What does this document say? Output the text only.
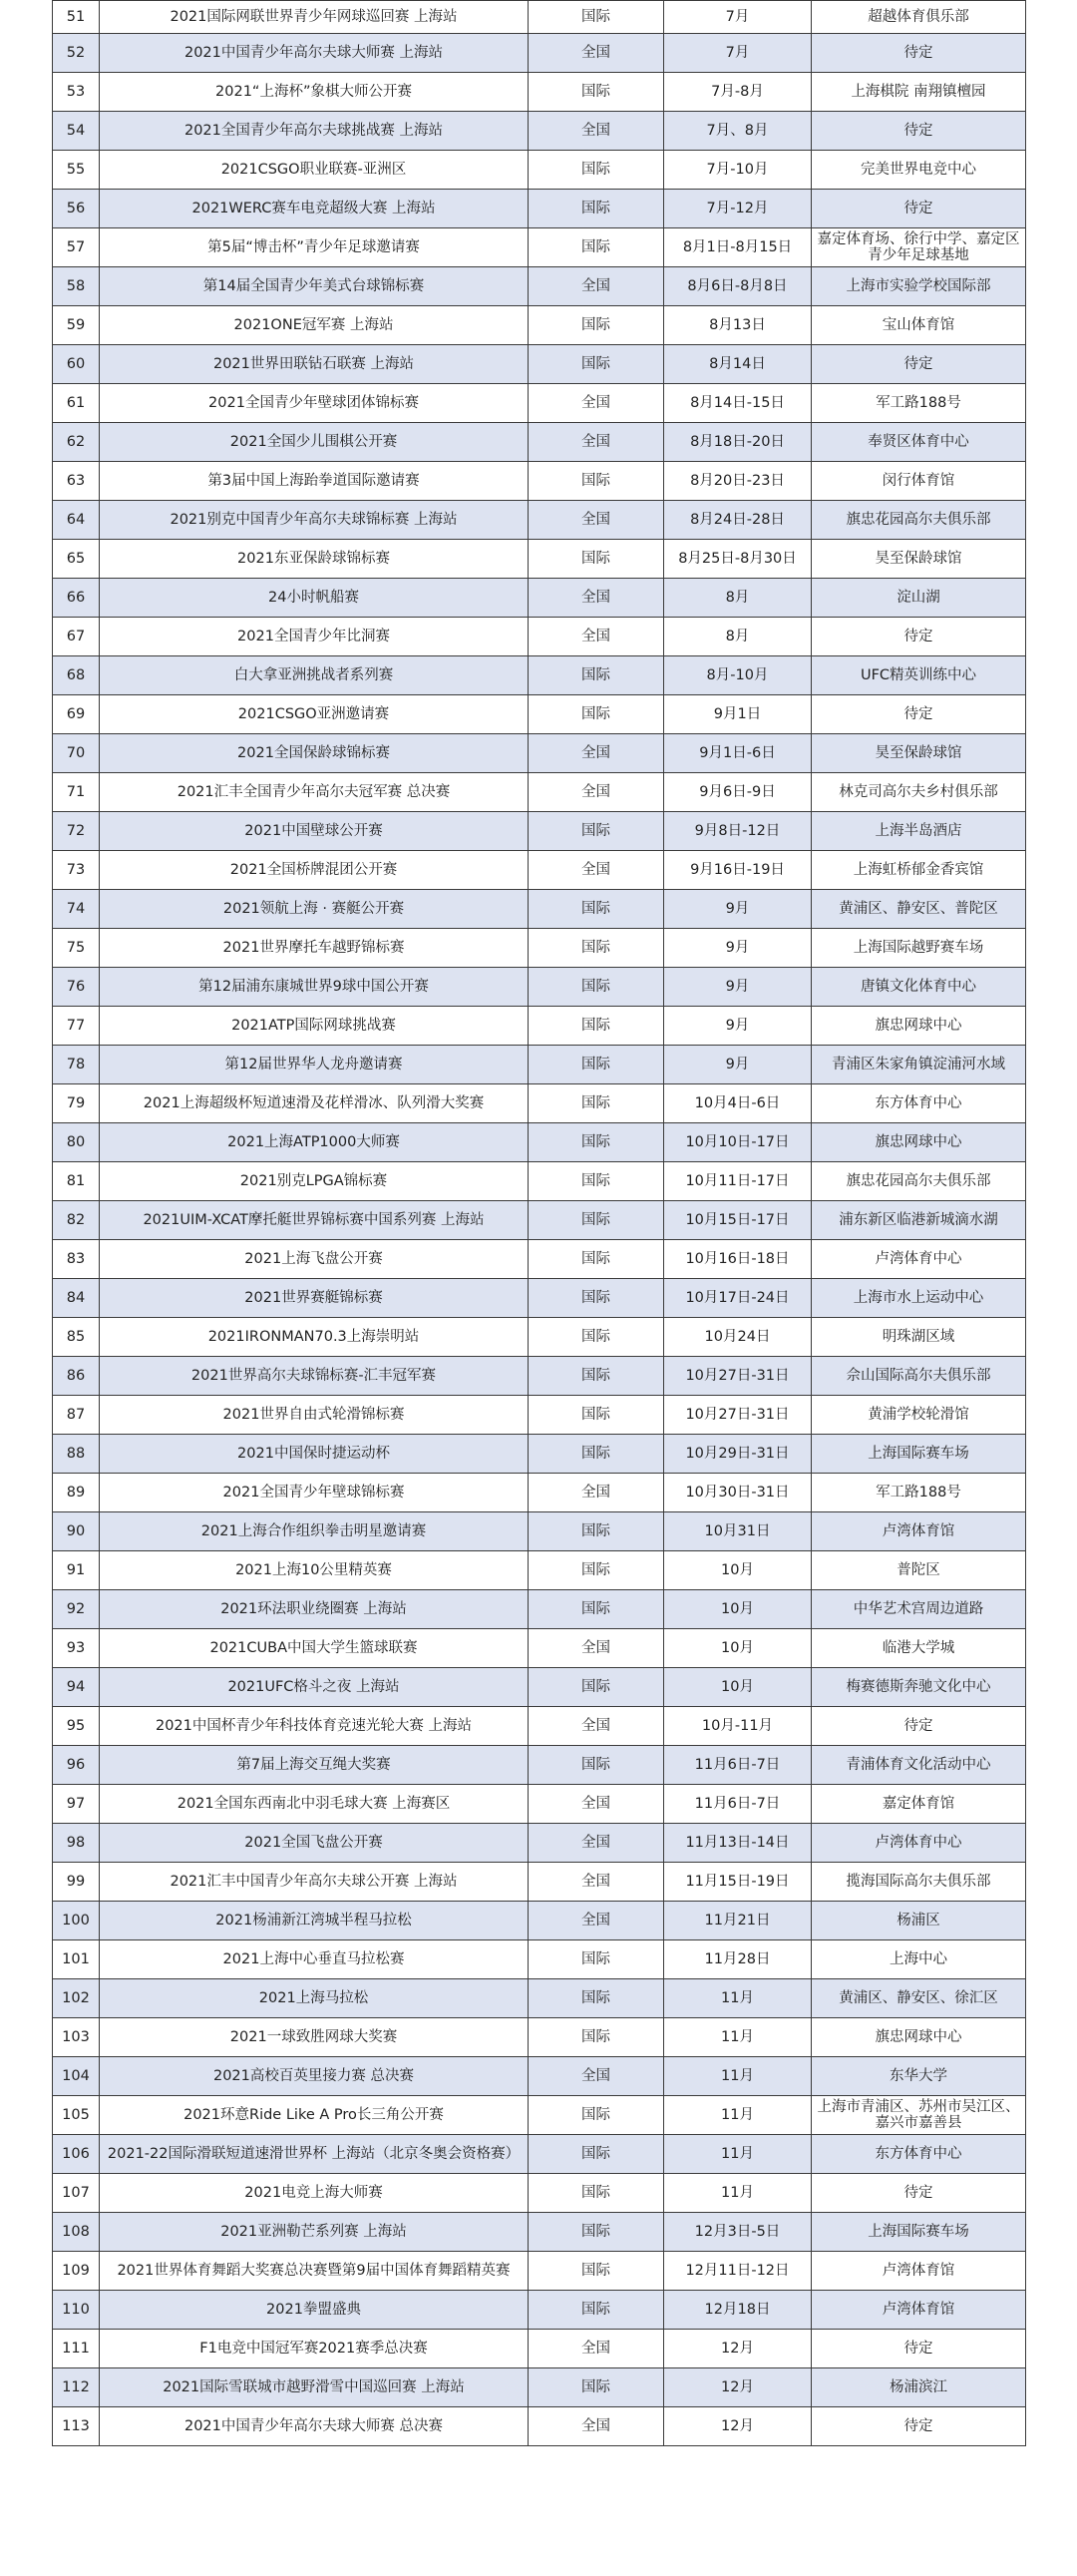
51	2021国际网联世界青少年网球巡回赛 上海站	国际	7月	超越体育俱乐部
52	2021中国青少年高尔夫球大师赛 上海站	全国	7月	待定
53	2021“上海杯”象棋大师公开赛	国际	7月-8月	上海棋院 南翔镇檀园
54	2021全国青少年高尔夫球挑战赛 上海站	全国	7月、8月	待定
55	2021CSGO职业联赛-亚洲区	国际	7月-10月	完美世界电竞中心
56	2021WERC赛车电竞超级大赛 上海站	国际	7月-12月	待定
57	第5届“博击杯”青少年足球邀请赛	国际	8月1日-8月15日	嘉定体育场、徐行中学、嘉定区青少年足球基地
58	第14届全国青少年美式台球锦标赛	全国	8月6日-8月8日	上海市实验学校国际部
59	2021ONE冠军赛 上海站	国际	8月13日	宝山体育馆
60	2021世界田联钻石联赛 上海站	国际	8月14日	待定
61	2021全国青少年壁球团体锦标赛	全国	8月14日-15日	军工路188号
62	2021全国少儿围棋公开赛	全国	8月18日-20日	奉贤区体育中心
63	第3届中国上海跆拳道国际邀请赛	国际	8月20日-23日	闵行体育馆
64	2021别克中国青少年高尔夫球锦标赛 上海站	全国	8月24日-28日	旗忠花园高尔夫俱乐部
65	2021东亚保龄球锦标赛	国际	8月25日-8月30日	昊至保龄球馆
66	24小时帆船赛	全国	8月	淀山湖
67	2021全国青少年比洞赛	全国	8月	待定
68	白大拿亚洲挑战者系列赛	国际	8月-10月	UFC精英训练中心
69	2021CSGO亚洲邀请赛	国际	9月1日	待定
70	2021全国保龄球锦标赛	全国	9月1日-6日	昊至保龄球馆
71	2021汇丰全国青少年高尔夫冠军赛 总决赛	全国	9月6日-9日	林克司高尔夫乡村俱乐部
72	2021中国壁球公开赛	国际	9月8日-12日	上海半岛酒店
73	2021全国桥牌混团公开赛	全国	9月16日-19日	上海虹桥郁金香宾馆
74	2021领航上海 · 赛艇公开赛	国际	9月	黄浦区、静安区、普陀区
75	2021世界摩托车越野锦标赛	国际	9月	上海国际越野赛车场
76	第12届浦东康城世界9球中国公开赛	国际	9月	唐镇文化体育中心
77	2021ATP国际网球挑战赛	国际	9月	旗忠网球中心
78	第12届世界华人龙舟邀请赛	国际	9月	青浦区朱家角镇淀浦河水域
79	2021上海超级杯短道速滑及花样滑冰、队列滑大奖赛	国际	10月4日-6日	东方体育中心
80	2021上海ATP1000大师赛	国际	10月10日-17日	旗忠网球中心
81	2021别克LPGA锦标赛	国际	10月11日-17日	旗忠花园高尔夫俱乐部
82	2021UIM-XCAT摩托艇世界锦标赛中国系列赛 上海站	国际	10月15日-17日	浦东新区临港新城滴水湖
83	2021上海飞盘公开赛	国际	10月16日-18日	卢湾体育中心
84	2021世界赛艇锦标赛	国际	10月17日-24日	上海市水上运动中心
85	2021IRONMAN70.3上海崇明站	国际	10月24日	明珠湖区域
86	2021世界高尔夫球锦标赛-汇丰冠军赛	国际	10月27日-31日	佘山国际高尔夫俱乐部
87	2021世界自由式轮滑锦标赛	国际	10月27日-31日	黄浦学校轮滑馆
88	2021中国保时捷运动杯	国际	10月29日-31日	上海国际赛车场
89	2021全国青少年壁球锦标赛	全国	10月30日-31日	军工路188号
90	2021上海合作组织拳击明星邀请赛	国际	10月31日	卢湾体育馆
91	2021上海10公里精英赛	国际	10月	普陀区
92	2021环法职业绕圈赛 上海站	国际	10月	中华艺术宫周边道路
93	2021CUBA中国大学生篮球联赛	全国	10月	临港大学城
94	2021UFC格斗之夜 上海站	国际	10月	梅赛德斯奔驰文化中心
95	2021中国杯青少年科技体育竞速光轮大赛 上海站	全国	10月-11月	待定
96	第7届上海交互绳大奖赛	国际	11月6日-7日	青浦体育文化活动中心
97	2021全国东西南北中羽毛球大赛 上海赛区	全国	11月6日-7日	嘉定体育馆
98	2021全国飞盘公开赛	全国	11月13日-14日	卢湾体育中心
99	2021汇丰中国青少年高尔夫球公开赛 上海站	全国	11月15日-19日	揽海国际高尔夫俱乐部
100	2021杨浦新江湾城半程马拉松	全国	11月21日	杨浦区
101	2021上海中心垂直马拉松赛	国际	11月28日	上海中心
102	2021上海马拉松	国际	11月	黄浦区、静安区、徐汇区
103	2021一球致胜网球大奖赛	国际	11月	旗忠网球中心
104	2021高校百英里接力赛 总决赛	全国	11月	东华大学
105	2021环意Ride Like A Pro长三角公开赛	国际	11月	上海市青浦区、苏州市吴江区、嘉兴市嘉善县
106	2021-22国际滑联短道速滑世界杯 上海站（北京冬奥会资格赛）	国际	11月	东方体育中心
107	2021电竞上海大师赛	国际	11月	待定
108	2021亚洲勒芒系列赛 上海站	国际	12月3日-5日	上海国际赛车场
109	2021世界体育舞蹈大奖赛总决赛暨第9届中国体育舞蹈精英赛	国际	12月11日-12日	卢湾体育馆
110	2021拳盟盛典	国际	12月18日	卢湾体育馆
111	F1电竞中国冠军赛2021赛季总决赛	全国	12月	待定
112	2021国际雪联城市越野滑雪中国巡回赛 上海站	国际	12月	杨浦滨江
113	2021中国青少年高尔夫球大师赛 总决赛	全国	12月	待定
